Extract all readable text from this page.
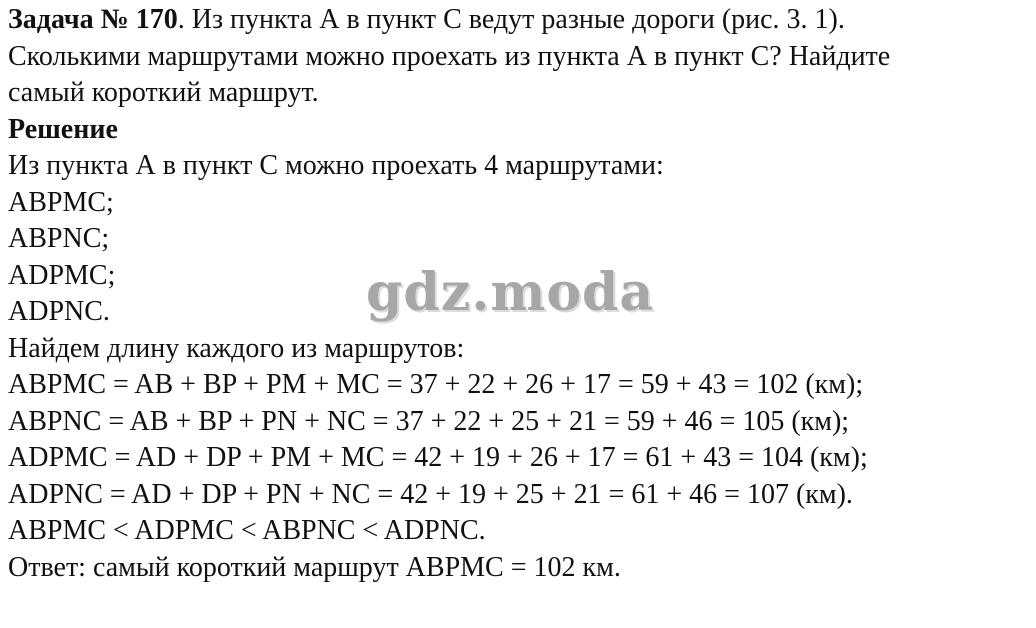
Задача № 170. Из пункта А в пункт С ведут разные дороги (рис. 3. 1).
Сколькими маршрутами можно проехать из пункта А в пункт С? Найдите
самый короткий маршрут.
Решение
Из пункта А в пункт С можно проехать 4 маршрутами:
ABPMC;
ABPNC;
ADPMC;
ADPNC.
Найдем длину каждого из маршрутов:
ABPMC = AB + BP + PM + MC = 37 + 22 + 26 + 17 = 59 + 43 = 102 (км);
ABPNC = AB + BP + PN + NC = 37 + 22 + 25 + 21 = 59 + 46 = 105 (км);
ADPMC = AD + DP + PM + MC = 42 + 19 + 26 + 17 = 61 + 43 = 104 (км);
ADPNC = AD + DP + PN + NC = 42 + 19 + 25 + 21 = 61 + 46 = 107 (км).
ABPMC < ADPMC < ABPNC < ADPNC.
Ответ: самый короткий маршрут ABPMC = 102 км.
gdz.moda
